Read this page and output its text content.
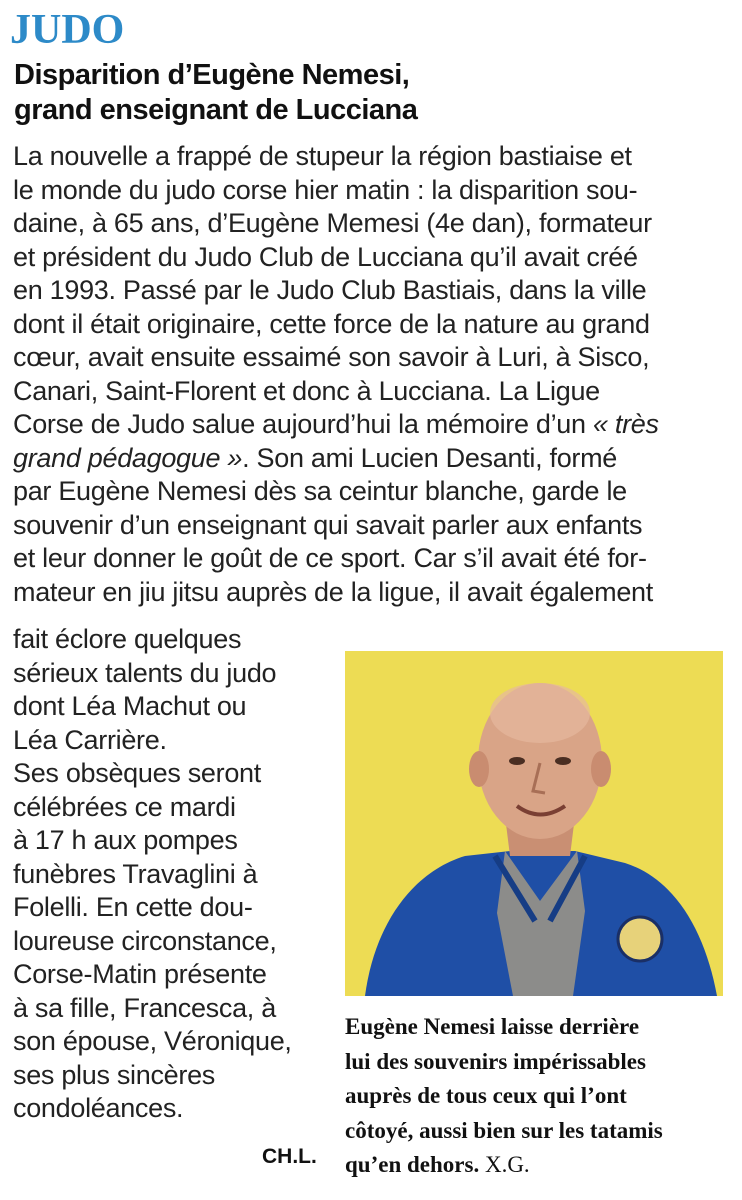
JUDO
Disparition d’Eugène Nemesi,
grand enseignant de Lucciana
La nouvelle a frappé de stupeur la région bastiaise et
le monde du judo corse hier matin : la disparition sou-
daine, à 65 ans, d’Eugène Memesi (4e dan), formateur
et président du Judo Club de Lucciana qu’il avait créé
en 1993. Passé par le Judo Club Bastiais, dans la ville
dont il était originaire, cette force de la nature au grand
cœur, avait ensuite essaimé son savoir à Luri, à Sisco,
Canari, Saint-Florent et donc à Lucciana. La Ligue
Corse de Judo salue aujourd’hui la mémoire d’un « très
grand pédagogue ». Son ami Lucien Desanti, formé
par Eugène Nemesi dès sa ceintur blanche, garde le
souvenir d’un enseignant qui savait parler aux enfants
et leur donner le goût de ce sport. Car s’il avait été for-
mateur en jiu jitsu auprès de la ligue, il avait également
fait éclore quelques
sérieux talents du judo
dont Léa Machut ou
Léa Carrière.
Ses obsèques seront
célébrées ce mardi
à 17 h aux pompes
funèbres Travaglini à
Folelli. En cette dou-
loureuse circonstance,
Corse-Matin présente
à sa fille, Francesca, à
son épouse, Véronique,
ses plus sincères
condoléances.
Eugène Nemesi laisse derrière
lui des souvenirs impérissables
auprès de tous ceux qui l’ont
côtoyé, aussi bien sur les tatamis
qu’en dehors. X.G.
CH.L.
